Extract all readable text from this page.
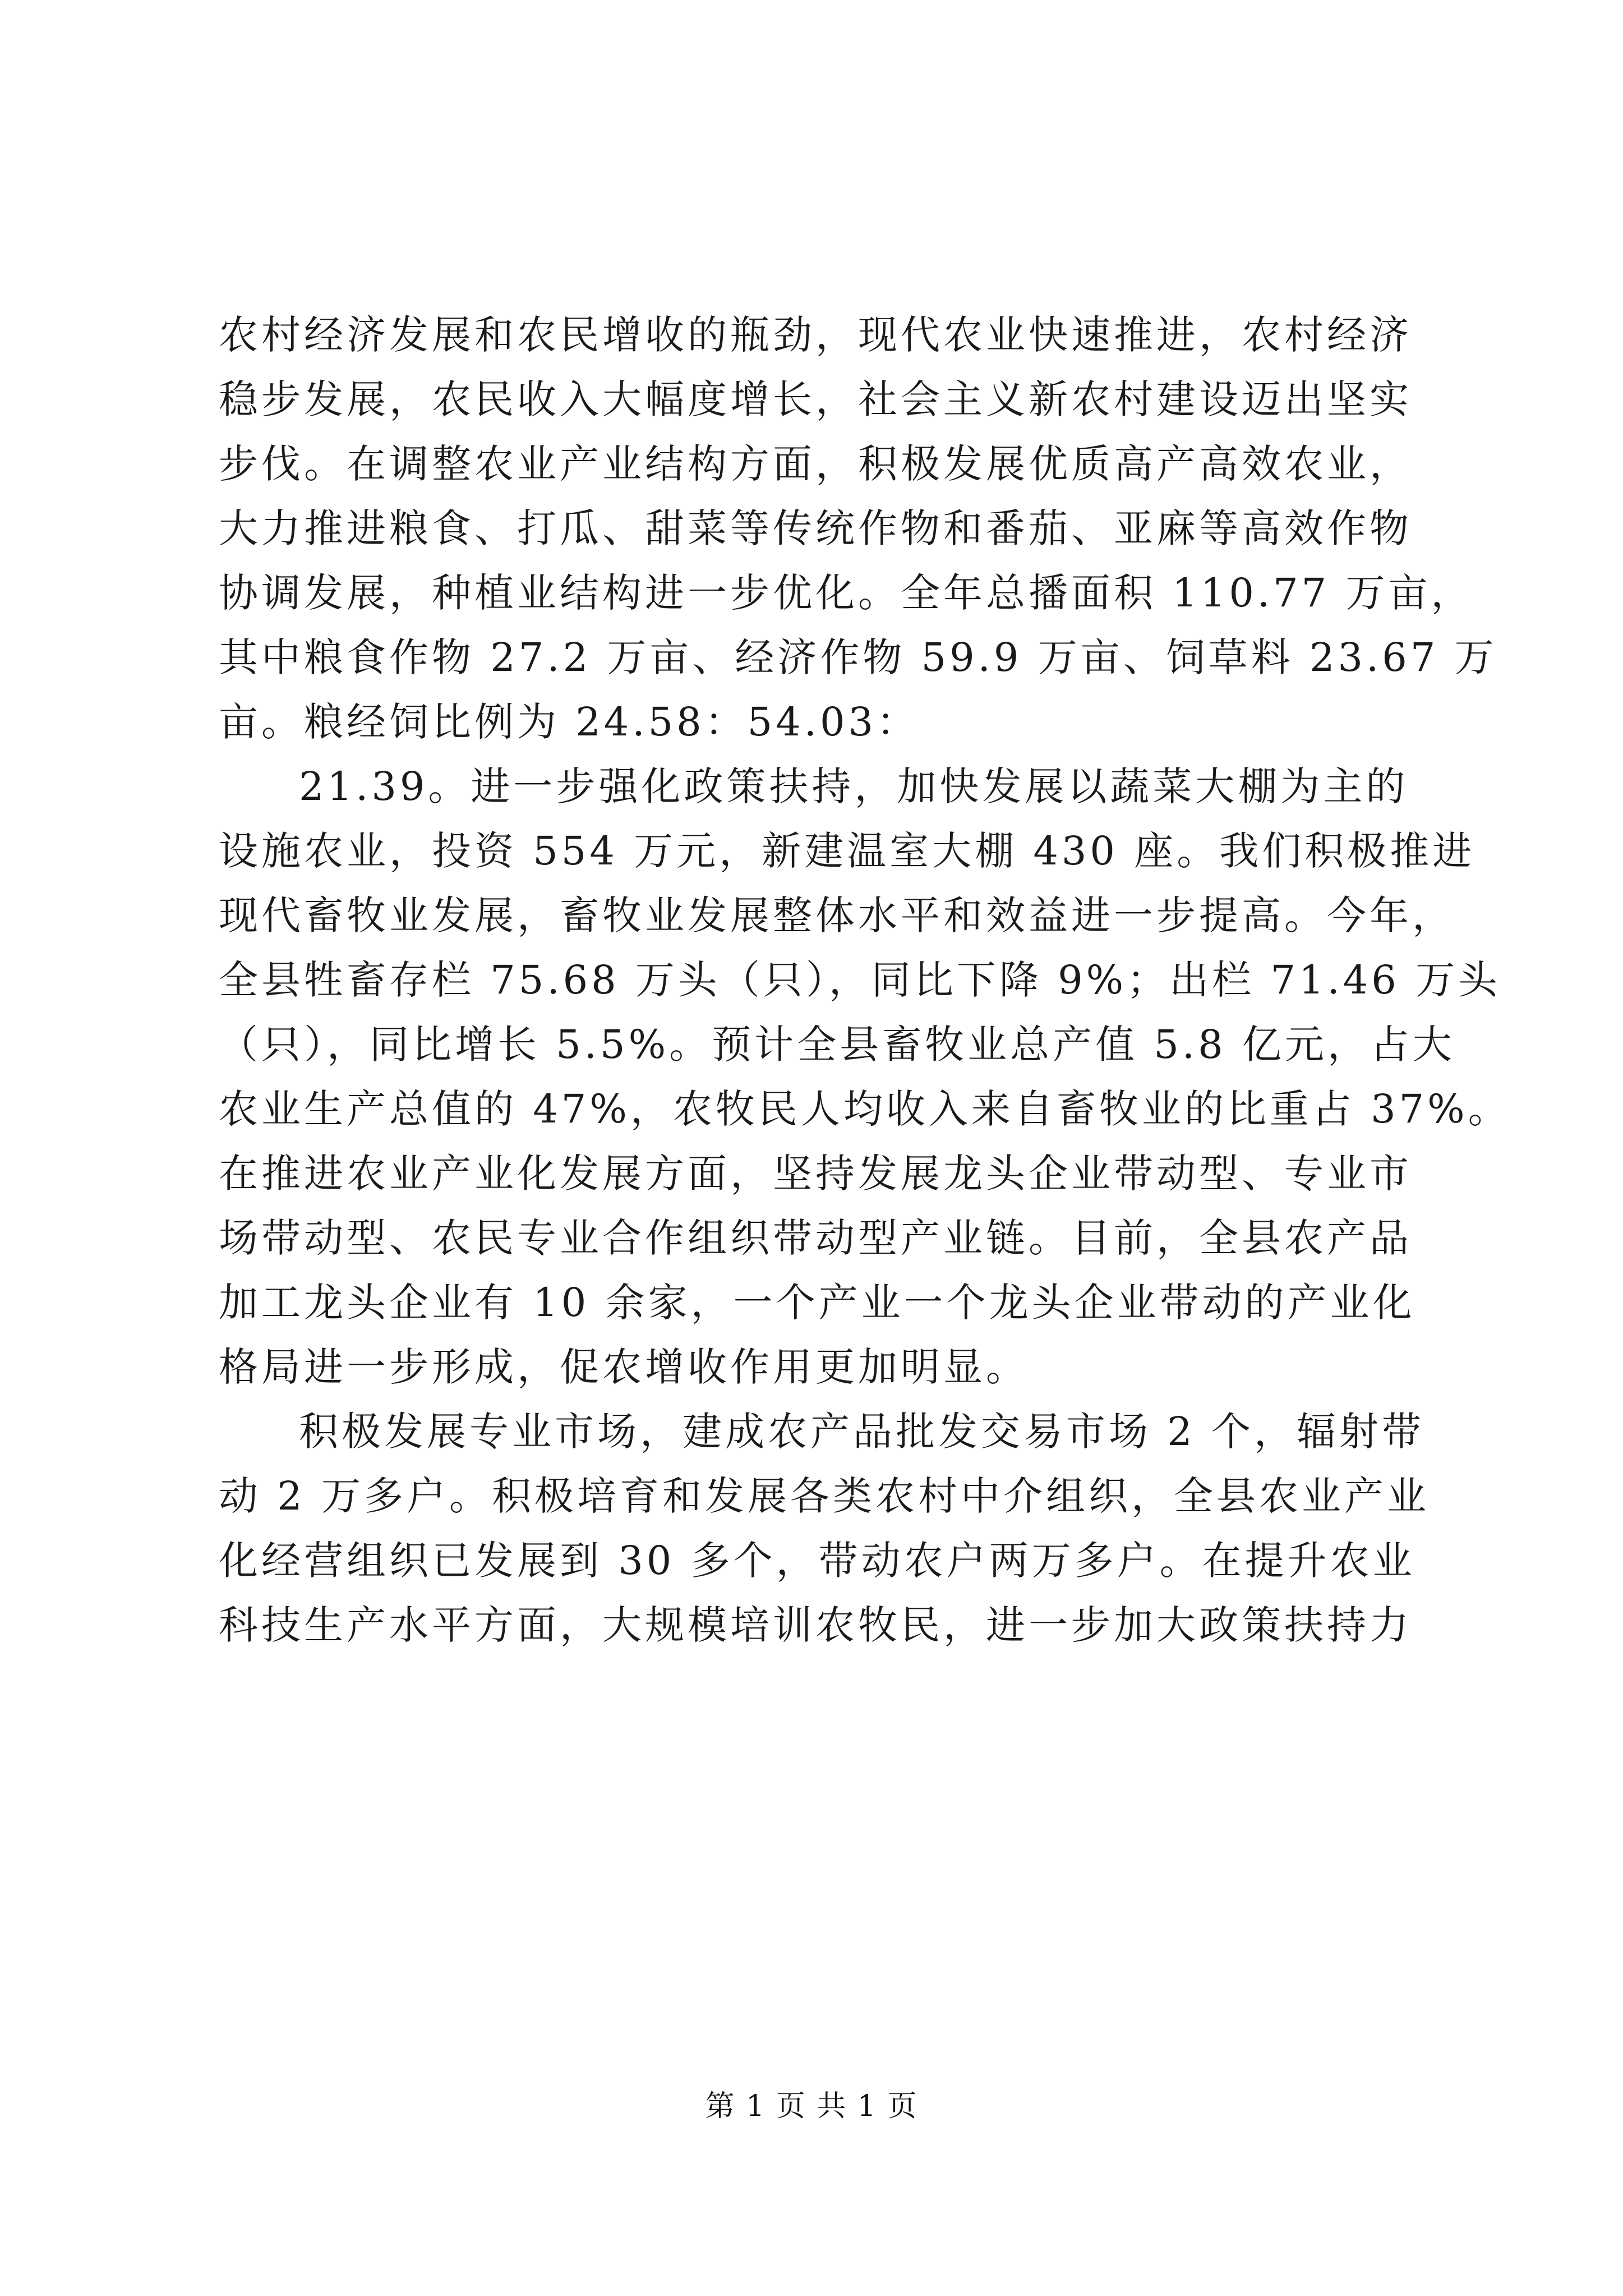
农村经济发展和农民增收的瓶劲，现代农业快速推进，农村经济
稳步发展，农民收入大幅度增长，社会主义新农村建设迈出坚实
步伐。在调整农业产业结构方面，积极发展优质高产高效农业，
大力推进粮食、打瓜、甜菜等传统作物和番茄、亚麻等高效作物
协调发展，种植业结构进一步优化。全年总播面积 110.77 万亩，
其中粮食作物 27.2 万亩、经济作物 59.9 万亩、饲草料 23.67 万
亩。粮经饲比例为 24.58：54.03：
21.39。进一步强化政策扶持，加快发展以蔬菜大棚为主的
设施农业，投资 554 万元，新建温室大棚 430 座。我们积极推进
现代畜牧业发展，畜牧业发展整体水平和效益进一步提高。今年，
全县牲畜存栏 75.68 万头（只），同比下降 9%；出栏 71.46 万头
（只），同比增长 5.5%。预计全县畜牧业总产值 5.8 亿元，占大
农业生产总值的 47%，农牧民人均收入来自畜牧业的比重占 37%。
在推进农业产业化发展方面，坚持发展龙头企业带动型、专业市
场带动型、农民专业合作组织带动型产业链。目前，全县农产品
加工龙头企业有 10 余家，一个产业一个龙头企业带动的产业化
格局进一步形成，促农增收作用更加明显。
积极发展专业市场，建成农产品批发交易市场 2 个，辐射带
动 2 万多户。积极培育和发展各类农村中介组织，全县农业产业
化经营组织已发展到 30 多个，带动农户两万多户。在提升农业
科技生产水平方面，大规模培训农牧民，进一步加大政策扶持力
第 1 页 共 1 页
